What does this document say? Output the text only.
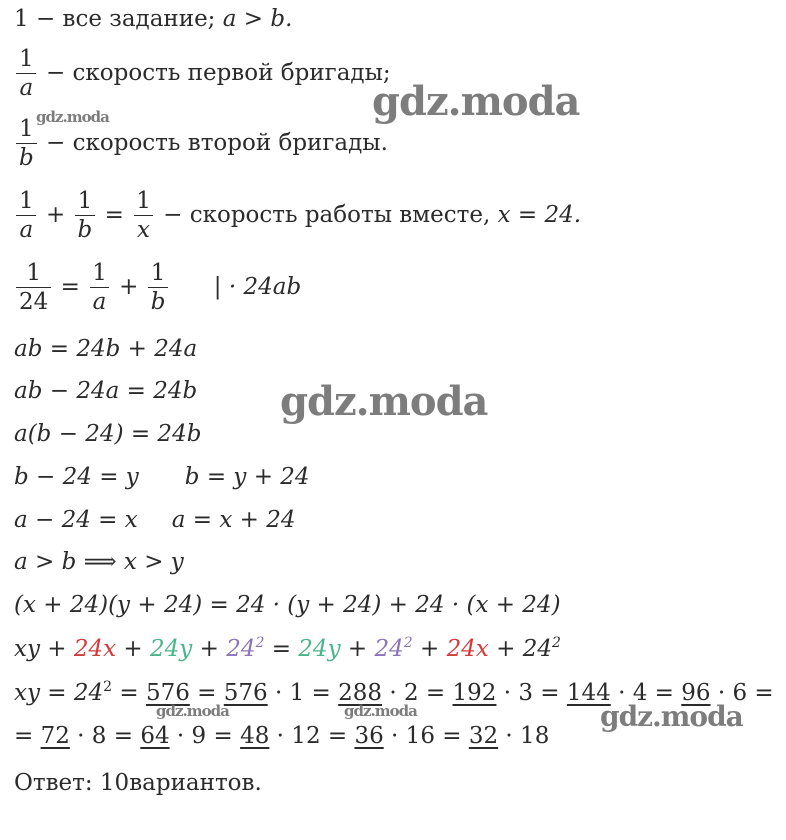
1 − все задание; a > b.
$\frac{1}{a}$ − скорость первой бригады;
$\frac{1}{b}$ − скорость второй бригады.
$\frac{1}{a} + \frac{1}{b} = \frac{1}{x}$ − скорость работы вместе, x = 24.
$\frac{1}{24} = \frac{1}{a} + \frac{1}{b}$ | · 24ab
ab = 24b + 24a
ab − 24a = 24b
a(b − 24) = 24b
b − 24 = y b = y + 24
a − 24 = x a = x + 24
a > b ⟹ x > y
(x + 24)(y + 24) = 24 · (y + 24) + 24 · (x + 24)
xy + $24x + 24y + 24^2 = 24y + 24^2 + 24x + 24^2$
xy = $24^2 = 576 = 576 \cdot 1 = 288 \cdot 2 = 192 \cdot 3 = 144 \cdot 4 = 96 \cdot 6$ =
= 72 · 8 = 64 · 9 = 48 · 12 = 36 · 16 = 32 · 18
Ответ: 10вариантов.
gdz.moda
gdz.moda
gdz.moda
gdz.moda	gdz.moda	gdz.moda
